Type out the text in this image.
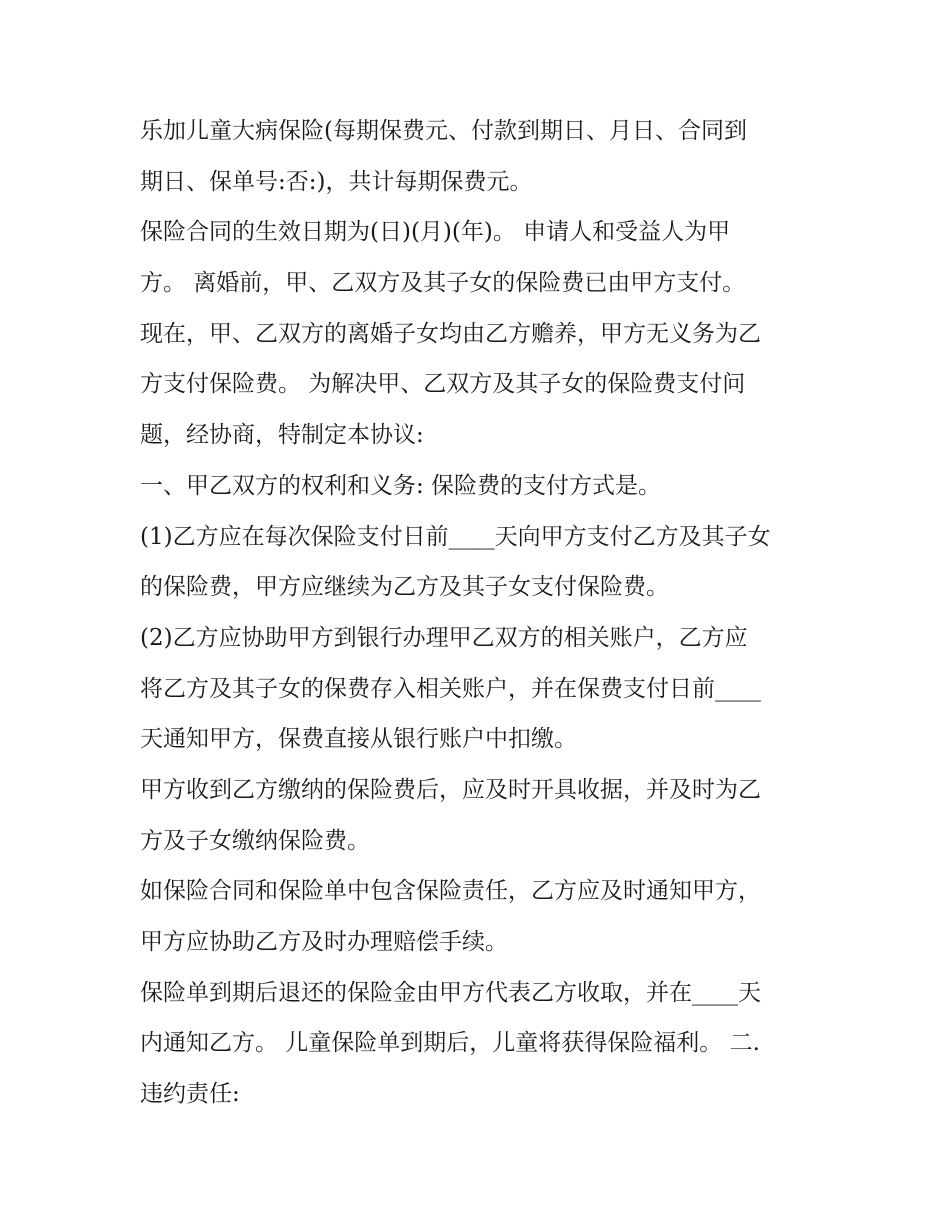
乐加儿童大病保险(每期保费元、付款到期日、月日、合同到
期日、保单号:否:)，共计每期保费元。
保险合同的生效日期为(日)(月)(年)。 申请人和受益人为甲
方。 离婚前，甲、乙双方及其子女的保险费已由甲方支付。
现在，甲、乙双方的离婚子女均由乙方赡养，甲方无义务为乙
方支付保险费。 为解决甲、乙双方及其子女的保险费支付问
题，经协商，特制定本协议:
一、甲乙双方的权利和义务: 保险费的支付方式是。
(1)乙方应在每次保险支付日前____天向甲方支付乙方及其子女
的保险费，甲方应继续为乙方及其子女支付保险费。
(2)乙方应协助甲方到银行办理甲乙双方的相关账户，乙方应
将乙方及其子女的保费存入相关账户，并在保费支付日前____
天通知甲方，保费直接从银行账户中扣缴。
甲方收到乙方缴纳的保险费后，应及时开具收据，并及时为乙
方及子女缴纳保险费。
如保险合同和保险单中包含保险责任，乙方应及时通知甲方，
甲方应协助乙方及时办理赔偿手续。
保险单到期后退还的保险金由甲方代表乙方收取，并在____天
内通知乙方。 儿童保险单到期后，儿童将获得保险福利。 二.
违约责任:
